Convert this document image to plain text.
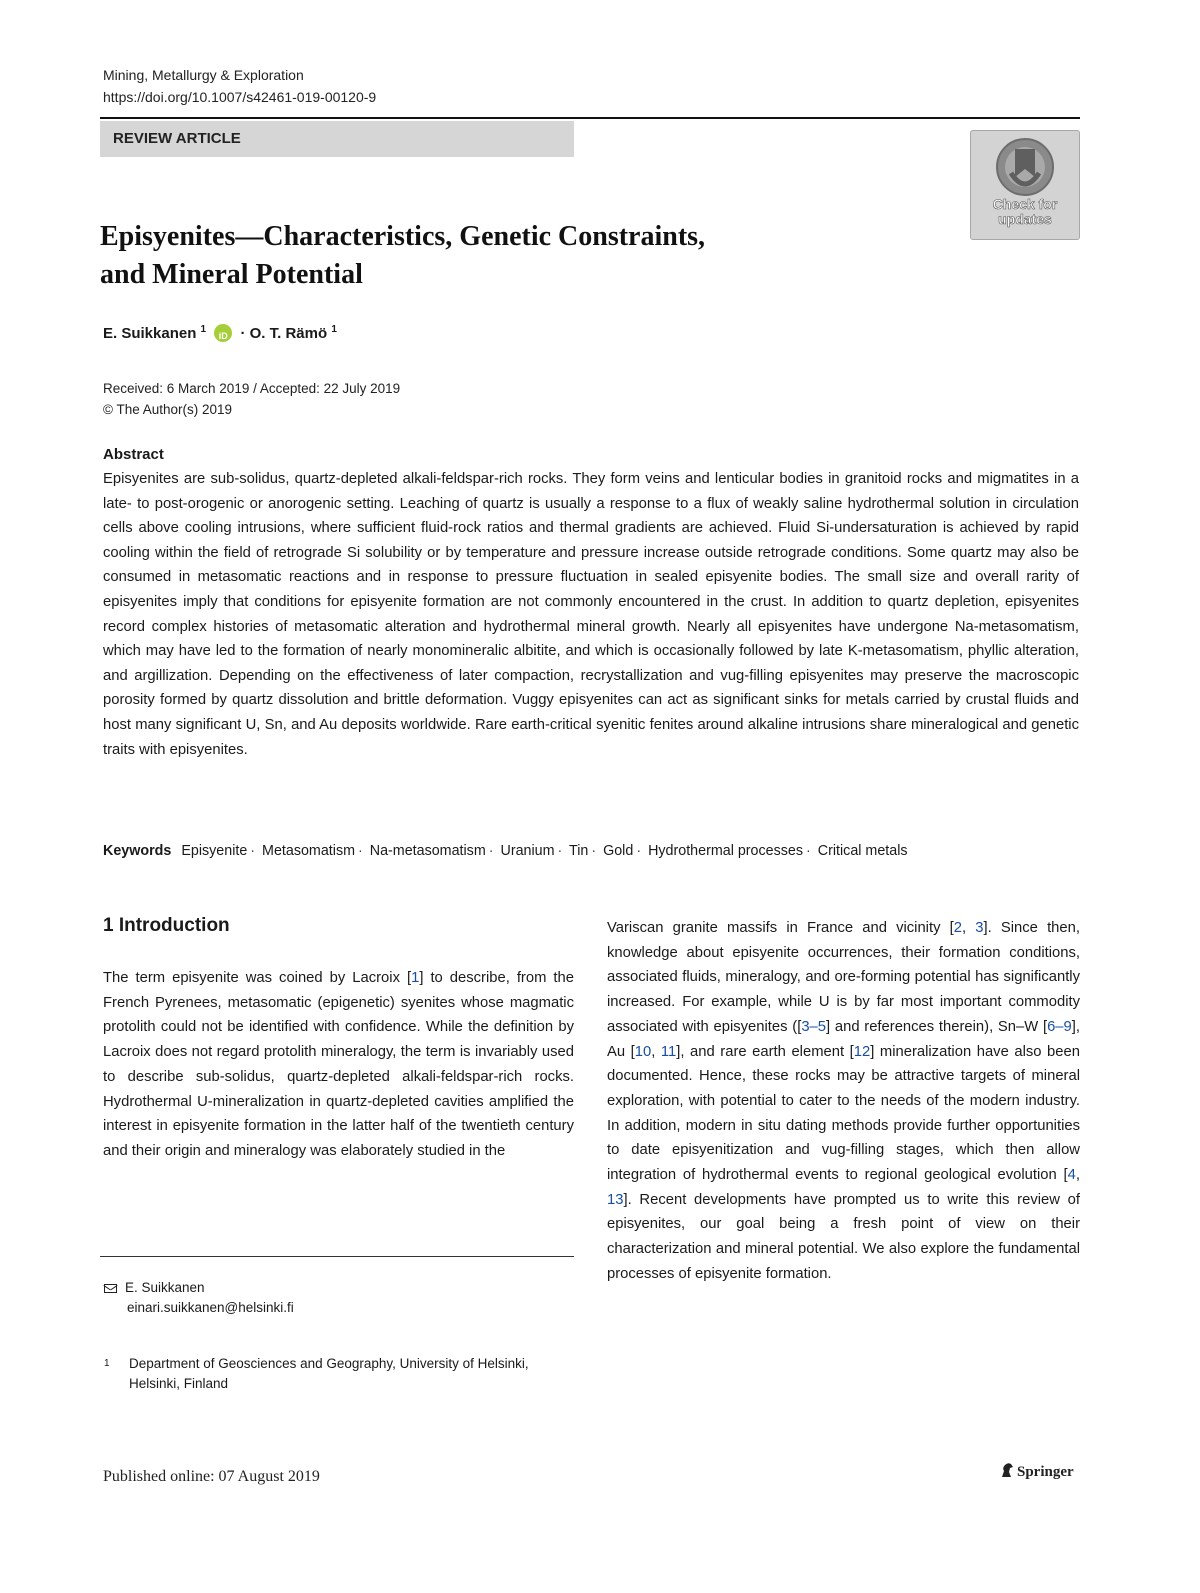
Mining, Metallurgy & Exploration
https://doi.org/10.1007/s42461-019-00120-9
REVIEW ARTICLE
Check for updates
Episyenites—Characteristics, Genetic Constraints,
and Mineral Potential
E. Suikkanen $^1$ iD · O. T. Rämö $^1$
Received: 6 March 2019 / Accepted: 22 July 2019
© The Author(s) 2019
Abstract
Episyenites are sub-solidus, quartz-depleted alkali-feldspar-rich rocks. They form veins and lenticular bodies in granitoid rocks and migmatites in a late- to post-orogenic or anorogenic setting. Leaching of quartz is usually a response to a flux of weakly saline hydrothermal solution in circulation cells above cooling intrusions, where sufficient fluid-rock ratios and thermal gradients are achieved. Fluid Si-undersaturation is achieved by rapid cooling within the field of retrograde Si solubility or by temperature and pressure increase outside retrograde conditions. Some quartz may also be consumed in metasomatic reactions and in response to pressure fluctuation in sealed episyenite bodies. The small size and overall rarity of episyenites imply that conditions for episyenite formation are not commonly encountered in the crust. In addition to quartz depletion, episyenites record complex histories of metasomatic alteration and hydrothermal mineral growth. Nearly all episyenites have undergone Na-metasomatism, which may have led to the formation of nearly monomineralic albitite, and which is occasionally followed by late K-metasomatism, phyllic alteration, and argillization. Depending on the effectiveness of later compaction, recrystallization and vug-filling episyenites may preserve the macroscopic porosity formed by quartz dissolution and brittle deformation. Vuggy episyenites can act as significant sinks for metals carried by crustal fluids and host many significant U, Sn, and Au deposits worldwide. Rare earth-critical syenitic fenites around alkaline intrusions share mineralogical and genetic traits with episyenites.
Keywords Episyenite · Metasomatism · Na-metasomatism · Uranium · Tin · Gold · Hydrothermal processes · Critical metals
1 Introduction
The term episyenite was coined by Lacroix [1] to describe, from the French Pyrenees, metasomatic (epigenetic) syenites whose magmatic protolith could not be identified with confidence. While the definition by Lacroix does not regard protolith mineralogy, the term is invariably used to describe sub-solidus, quartz-depleted alkali-feldspar-rich rocks. Hydrothermal U-mineralization in quartz-depleted cavities amplified the interest in episyenite formation in the latter half of the twentieth century and their origin and mineralogy was elaborately studied in the
Variscan granite massifs in France and vicinity [2, 3]. Since then, knowledge about episyenite occurrences, their formation conditions, associated fluids, mineralogy, and ore-forming potential has significantly increased. For example, while U is by far most important commodity associated with episyenites ([3–5] and references therein), Sn–W [6–9], Au [10, 11], and rare earth element [12] mineralization have also been documented. Hence, these rocks may be attractive targets of mineral exploration, with potential to cater to the needs of the modern industry. In addition, modern in situ dating methods provide further opportunities to date episyenitization and vug-filling stages, which then allow integration of hydrothermal events to regional geological evolution [4, 13]. Recent developments have prompted us to write this review of episyenites, our goal being a fresh point of view on their characterization and mineral potential. We also explore the fundamental processes of episyenite formation.
E. Suikkanen
einari.suikkanen@helsinki.fi
1 Department of Geosciences and Geography, University of Helsinki,
Helsinki, Finland
Published online: 07 August 2019	Springer
